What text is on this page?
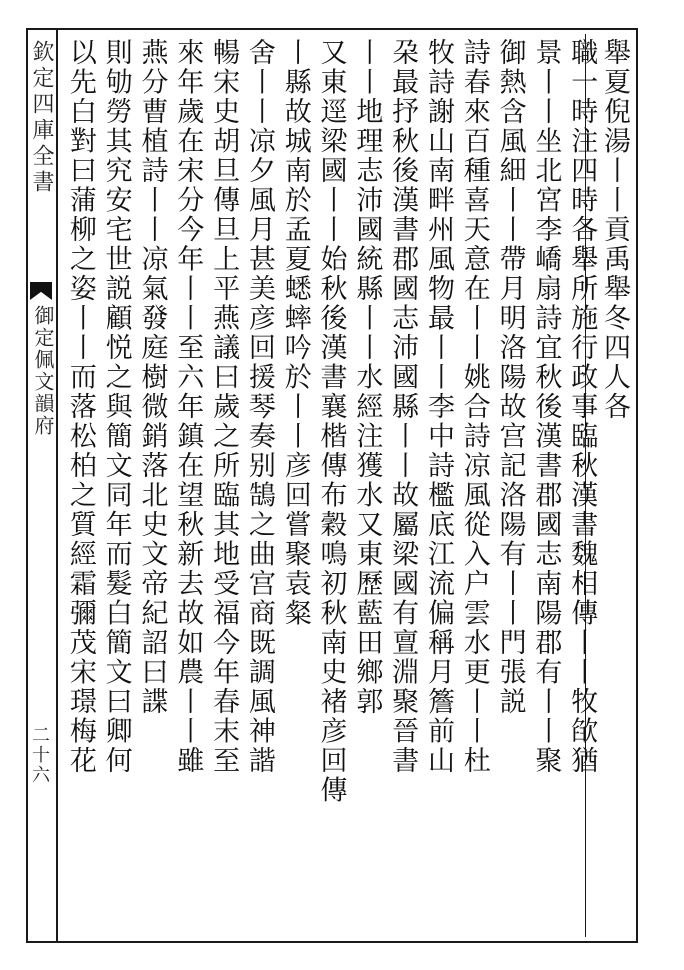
欽定四庫全書
御定佩文韻府
二十六
舉夏倪湯丨丨貢禹舉冬四人各
職一時注四時各舉所施行政事臨秋漢書魏相傳丨丨牧欿猶
景丨丨坐北宮李嶠扇詩宜秋後漢書郡國志南陽郡有丨丨聚
御熱含風細丨丨帶月明洛陽故宫記洛陽有丨丨門張説
詩春來百種喜天意在丨丨姚合詩凉風從入户雲水更丨丨杜
牧詩謝山南畔州風物最丨丨李中詩檻底江流偏稱月簷前山
朶最抒秋後漢書郡國志沛國縣丨丨故屬梁國有亶淵聚晉書
丨丨地理志沛國統縣丨丨水經注獲水又東歷藍田鄉郭
又東逕梁國丨丨始秋後漢書襄楷傳布穀鳴初秋南史褚彦回傳
丨縣故城南於孟夏蟋蟀吟於丨丨彦回嘗聚袁粲
舍丨丨凉夕風月甚美彦回援琴奏别鵠之曲宫商既調風神諧
暢宋史胡旦傳旦上平燕議曰歲之所臨其地受福今年春末至
來年歲在宋分今年丨丨至六年鎮在望秋新去故如農丨丨雖
燕分曹植詩丨丨凉氣發庭樹微銷落北史文帝紀詔曰諜
則劬勞其究安宅世説顧悦之與簡文同年而髮白簡文曰卿何
以先白對曰蒲柳之姿丨丨而落松柏之質經霜彌茂宋璟梅花
